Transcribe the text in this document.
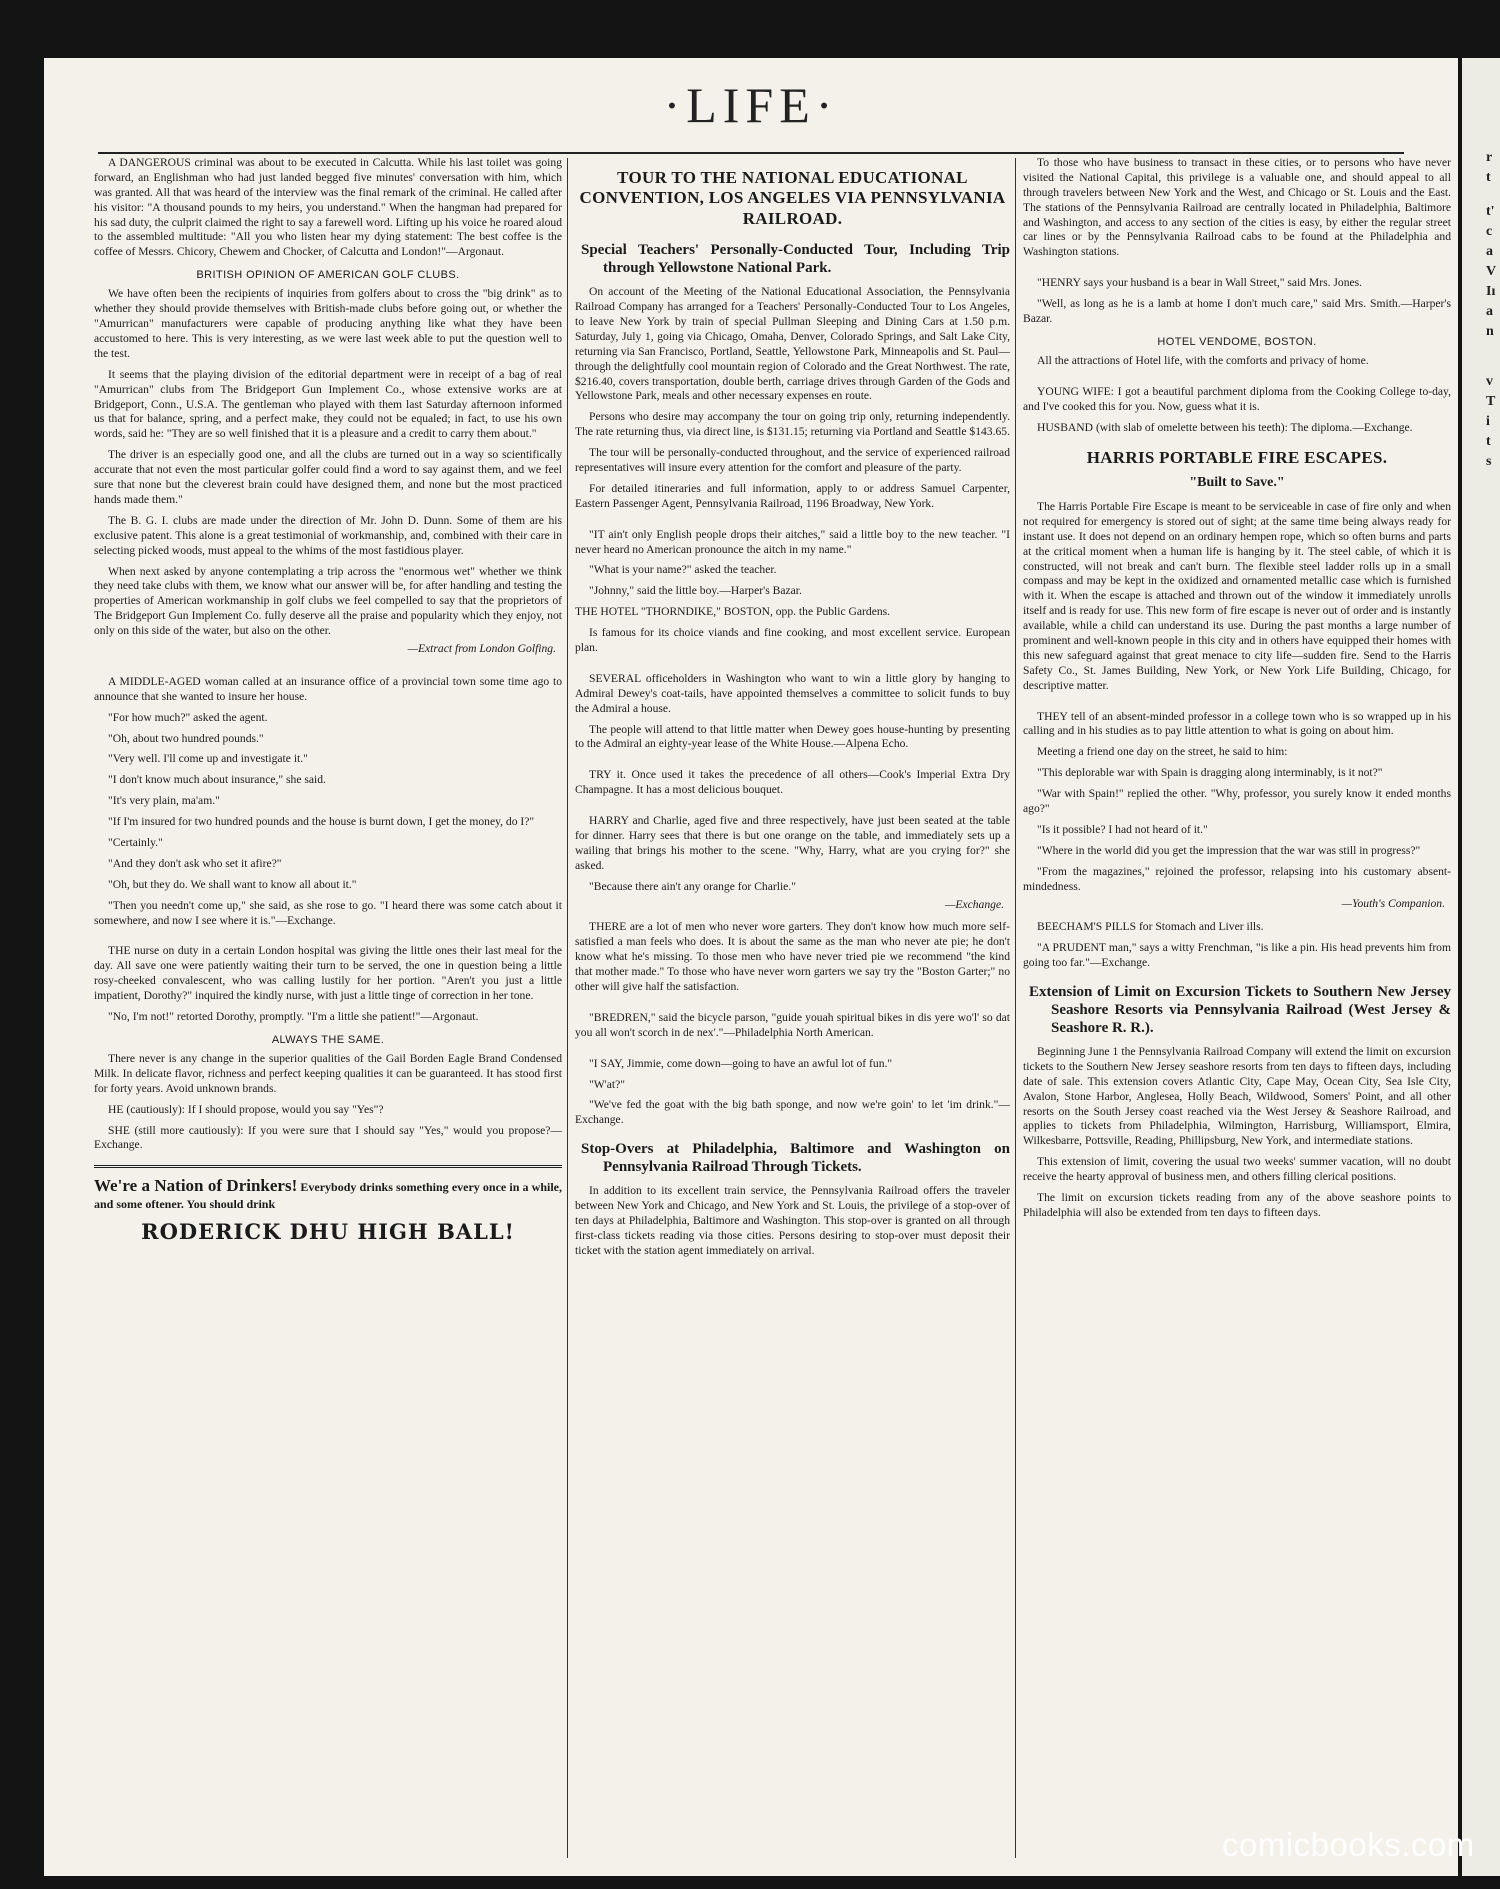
·LIFE·

A DANGEROUS criminal was about to be executed in Calcutta. While his last toilet was going forward, an Englishman who had just landed begged five minutes' conversation with him, which was granted. All that was heard of the interview was the final remark of the criminal. He called after his visitor: "A thousand pounds to my heirs, you understand." When the hangman had prepared for his sad duty, the culprit claimed the right to say a farewell word. Lifting up his voice he roared aloud to the assembled multitude: "All you who listen hear my dying statement: The best coffee is the coffee of Messrs. Chicory, Chewem and Chocker, of Calcutta and London!"—Argonaut.

BRITISH OPINION OF AMERICAN GOLF CLUBS.

We have often been the recipients of inquiries from golfers about to cross the "big drink" as to whether they should provide themselves with British-made clubs before going out, or whether the "Amurrican" manufacturers were capable of producing anything like what they have been accustomed to here. This is very interesting, as we were last week able to put the question well to the test.

It seems that the playing division of the editorial department were in receipt of a bag of real "Amurrican" clubs from The Bridgeport Gun Implement Co., whose extensive works are at Bridgeport, Conn., U.S.A. The gentleman who played with them last Saturday afternoon informed us that for balance, spring, and a perfect make, they could not be equaled; in fact, to use his own words, said he: "They are so well finished that it is a pleasure and a credit to carry them about."

The driver is an especially good one, and all the clubs are turned out in a way so scientifically accurate that not even the most particular golfer could find a word to say against them, and we feel sure that none but the cleverest brain could have designed them, and none but the most practiced hands made them."

The B. G. I. clubs are made under the direction of Mr. John D. Dunn. Some of them are his exclusive patent. This alone is a great testimonial of workmanship, and, combined with their care in selecting picked woods, must appeal to the whims of the most fastidious player.

When next asked by anyone contemplating a trip across the "enormous wet" whether we think they need take clubs with them, we know what our answer will be, for after handling and testing the properties of American workmanship in golf clubs we feel compelled to say that the proprietors of The Bridgeport Gun Implement Co. fully deserve all the praise and popularity which they enjoy, not only on this side of the water, but also on the other.

—Extract from London Golfing.

A MIDDLE-AGED woman called at an insurance office of a provincial town some time ago to announce that she wanted to insure her house.

"For how much?" asked the agent.

"Oh, about two hundred pounds."

"Very well. I'll come up and investigate it."

"I don't know much about insurance," she said.

"It's very plain, ma'am."

"If I'm insured for two hundred pounds and the house is burnt down, I get the money, do I?"

"Certainly."

"And they don't ask who set it afire?"

"Oh, but they do. We shall want to know all about it."

"Then you needn't come up," she said, as she rose to go. "I heard there was some catch about it somewhere, and now I see where it is."—Exchange.

THE nurse on duty in a certain London hospital was giving the little ones their last meal for the day. All save one were patiently waiting their turn to be served, the one in question being a little rosy-cheeked convalescent, who was calling lustily for her portion. "Aren't you just a little impatient, Dorothy?" inquired the kindly nurse, with just a little tinge of correction in her tone.

"No, I'm not!" retorted Dorothy, promptly. "I'm a little she patient!"—Argonaut.

ALWAYS THE SAME.

There never is any change in the superior qualities of the Gail Borden Eagle Brand Condensed Milk. In delicate flavor, richness and perfect keeping qualities it can be guaranteed. It has stood first for forty years. Avoid unknown brands.

HE (cautiously): If I should propose, would you say "Yes"?

SHE (still more cautiously): If you were sure that I should say "Yes," would you propose?—Exchange.

We're a Nation of Drinkers! Everybody drinks something every once in a while, and some oftener. You should drink
RODERICK DHU HIGH BALL!
TOUR TO THE NATIONAL EDUCATIONAL CONVENTION, LOS ANGELES VIA PENNSYLVANIA RAILROAD.
Special Teachers' Personally-Conducted Tour, Including Trip through Yellowstone National Park.

On account of the Meeting of the National Educational Association, the Pennsylvania Railroad Company has arranged for a Teachers' Personally-Conducted Tour to Los Angeles, to leave New York by train of special Pullman Sleeping and Dining Cars at 1.50 p.m. Saturday, July 1, going via Chicago, Omaha, Denver, Colorado Springs, and Salt Lake City, returning via San Francisco, Portland, Seattle, Yellowstone Park, Minneapolis and St. Paul—through the delightfully cool mountain region of Colorado and the Great Northwest. The rate, $216.40, covers transportation, double berth, carriage drives through Garden of the Gods and Yellowstone Park, meals and other necessary expenses en route.

Persons who desire may accompany the tour on going trip only, returning independently. The rate returning thus, via direct line, is $131.15; returning via Portland and Seattle $143.65.

The tour will be personally-conducted throughout, and the service of experienced railroad representatives will insure every attention for the comfort and pleasure of the party.

For detailed itineraries and full information, apply to or address Samuel Carpenter, Eastern Passenger Agent, Pennsylvania Railroad, 1196 Broadway, New York.

"IT ain't only English people drops their aitches," said a little boy to the new teacher. "I never heard no American pronounce the aitch in my name."

"What is your name?" asked the teacher.

"Johnny," said the little boy.—Harper's Bazar.

THE HOTEL "THORNDIKE," BOSTON, opp. the Public Gardens.

Is famous for its choice viands and fine cooking, and most excellent service. European plan.

SEVERAL officeholders in Washington who want to win a little glory by hanging to Admiral Dewey's coat-tails, have appointed themselves a committee to solicit funds to buy the Admiral a house.

The people will attend to that little matter when Dewey goes house-hunting by presenting to the Admiral an eighty-year lease of the White House.—Alpena Echo.

TRY it. Once used it takes the precedence of all others—Cook's Imperial Extra Dry Champagne. It has a most delicious bouquet.

HARRY and Charlie, aged five and three respectively, have just been seated at the table for dinner. Harry sees that there is but one orange on the table, and immediately sets up a wailing that brings his mother to the scene. "Why, Harry, what are you crying for?" she asked.

"Because there ain't any orange for Charlie."

—Exchange.

THERE are a lot of men who never wore garters. They don't know how much more self-satisfied a man feels who does. It is about the same as the man who never ate pie; he don't know what he's missing. To those men who have never tried pie we recommend "the kind that mother made." To those who have never worn garters we say try the "Boston Garter;" no other will give half the satisfaction.

"BREDREN," said the bicycle parson, "guide youah spiritual bikes in dis yere wo'l' so dat you all won't scorch in de nex'."—Philadelphia North American.

"I SAY, Jimmie, come down—going to have an awful lot of fun."

"W'at?"

"We've fed the goat with the big bath sponge, and now we're goin' to let 'im drink."—Exchange.

Stop-Overs at Philadelphia, Baltimore and Washington on Pennsylvania Railroad Through Tickets.

In addition to its excellent train service, the Pennsylvania Railroad offers the traveler between New York and Chicago, and New York and St. Louis, the privilege of a stop-over of ten days at Philadelphia, Baltimore and Washington. This stop-over is granted on all through first-class tickets reading via those cities. Persons desiring to stop-over must deposit their ticket with the station agent immediately on arrival.

To those who have business to transact in these cities, or to persons who have never visited the National Capital, this privilege is a valuable one, and should appeal to all through travelers between New York and the West, and Chicago or St. Louis and the East. The stations of the Pennsylvania Railroad are centrally located in Philadelphia, Baltimore and Washington, and access to any section of the cities is easy, by either the regular street car lines or by the Pennsylvania Railroad cabs to be found at the Philadelphia and Washington stations.

"HENRY says your husband is a bear in Wall Street," said Mrs. Jones.

"Well, as long as he is a lamb at home I don't much care," said Mrs. Smith.—Harper's Bazar.

HOTEL VENDOME, BOSTON.

All the attractions of Hotel life, with the comforts and privacy of home.

YOUNG WIFE: I got a beautiful parchment diploma from the Cooking College to-day, and I've cooked this for you. Now, guess what it is.

HUSBAND (with slab of omelette between his teeth): The diploma.—Exchange.

HARRIS PORTABLE FIRE ESCAPES.
"Built to Save."

The Harris Portable Fire Escape is meant to be serviceable in case of fire only and when not required for emergency is stored out of sight; at the same time being always ready for instant use. It does not depend on an ordinary hempen rope, which so often burns and parts at the critical moment when a human life is hanging by it. The steel cable, of which it is constructed, will not break and can't burn. The flexible steel ladder rolls up in a small compass and may be kept in the oxidized and ornamented metallic case which is furnished with it. When the escape is attached and thrown out of the window it immediately unrolls itself and is ready for use. This new form of fire escape is never out of order and is instantly available, while a child can understand its use. During the past months a large number of prominent and well-known people in this city and in others have equipped their homes with this new safeguard against that great menace to city life—sudden fire. Send to the Harris Safety Co., St. James Building, New York, or New York Life Building, Chicago, for descriptive matter.

THEY tell of an absent-minded professor in a college town who is so wrapped up in his calling and in his studies as to pay little attention to what is going on about him.

Meeting a friend one day on the street, he said to him:

"This deplorable war with Spain is dragging along interminably, is it not?"

"War with Spain!" replied the other. "Why, professor, you surely know it ended months ago?"

"Is it possible? I had not heard of it."

"Where in the world did you get the impression that the war was still in progress?"

"From the magazines," rejoined the professor, relapsing into his customary absent-mindedness.

—Youth's Companion.

BEECHAM'S PILLS for Stomach and Liver ills.

"A PRUDENT man," says a witty Frenchman, "is like a pin. His head prevents him from going too far."—Exchange.

Extension of Limit on Excursion Tickets to Southern New Jersey Seashore Resorts via Pennsylvania Railroad (West Jersey & Seashore R. R.).

Beginning June 1 the Pennsylvania Railroad Company will extend the limit on excursion tickets to the Southern New Jersey seashore resorts from ten days to fifteen days, including date of sale. This extension covers Atlantic City, Cape May, Ocean City, Sea Isle City, Avalon, Stone Harbor, Anglesea, Holly Beach, Wildwood, Somers' Point, and all other resorts on the South Jersey coast reached via the West Jersey & Seashore Railroad, and applies to tickets from Philadelphia, Wilmington, Harrisburg, Williamsport, Elmira, Wilkesbarre, Pottsville, Reading, Phillipsburg, New York, and intermediate stations.

This extension of limit, covering the usual two weeks' summer vacation, will no doubt receive the hearty approval of business men, and others filling clerical positions.

The limit on excursion tickets reading from any of the above seashore points to Philadelphia will also be extended from ten days to fifteen days.

r
t
t'
c
a
V
Iı
a
n
v
T
i
t
s
comicbooks.com
